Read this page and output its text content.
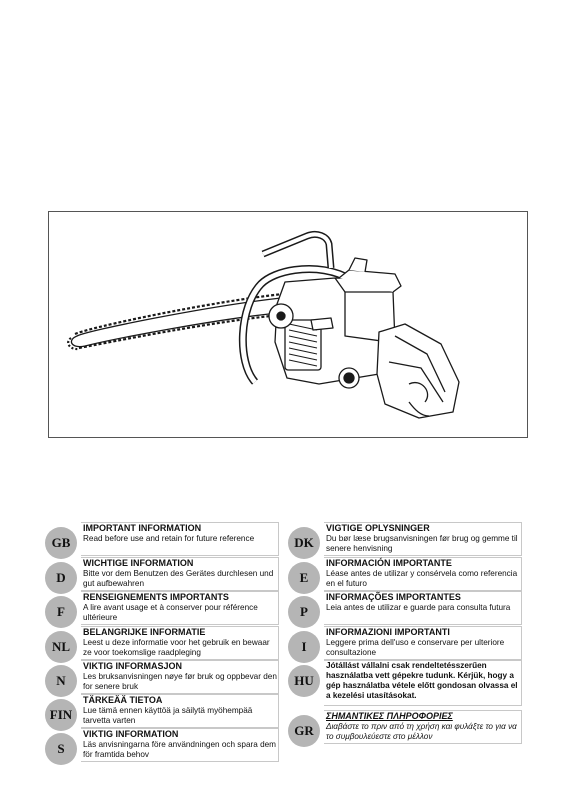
GB
IMPORTANT INFORMATION
Read before use and retain for future reference
D
WICHTIGE INFORMATION
Bitte vor dem Benutzen des Gerätes durchlesen und gut aufbewahren
F
RENSEIGNEMENTS IMPORTANTS
A lire avant usage et à conserver pour référence ultérieure
NL
BELANGRIJKE INFORMATIE
Leest u deze informatie voor het gebruik en bewaar ze voor toekomslige raadpleging
N
VIKTIG INFORMASJON
Les bruksanvisningen nøye før bruk og oppbevar den for senere bruk
FIN
TÄRKEÄÄ TIETOA
Lue tämä ennen käyttöä ja säilytä myöhempää tarvetta varten
S
VIKTIG INFORMATION
Läs anvisningarna före användningen och spara dem för framtida behov
DK
VIGTIGE OPLYSNINGER
Du bør læse brugsanvisningen før brug og gemme til senere henvisning
E
INFORMACIÓN IMPORTANTE
Léase antes de utilizar y consérvela como referencia en el futuro
P
INFORMAÇÕES IMPORTANTES
Leia antes de utilizar e guarde para consulta futura
I
INFORMAZIONI IMPORTANTI
Leggere prima dell'uso e conservare per ulteriore consultazione
HU
Jótállást vállalni csak rendeltetésszerűen használatba vett gépekre tudunk. Kérjük, hogy a gép használatba vétele előtt gondosan olvassa el a kezelési utasításokat.
GR
ΣΗΜΑΝΤΙΚΕΣ ΠΛΗΡΟΦΟΡΙΕΣ
Διαβάστε το πριν από τη χρήση και φυλάξτε το για να το συμβουλεύεστε στο μέλλον
